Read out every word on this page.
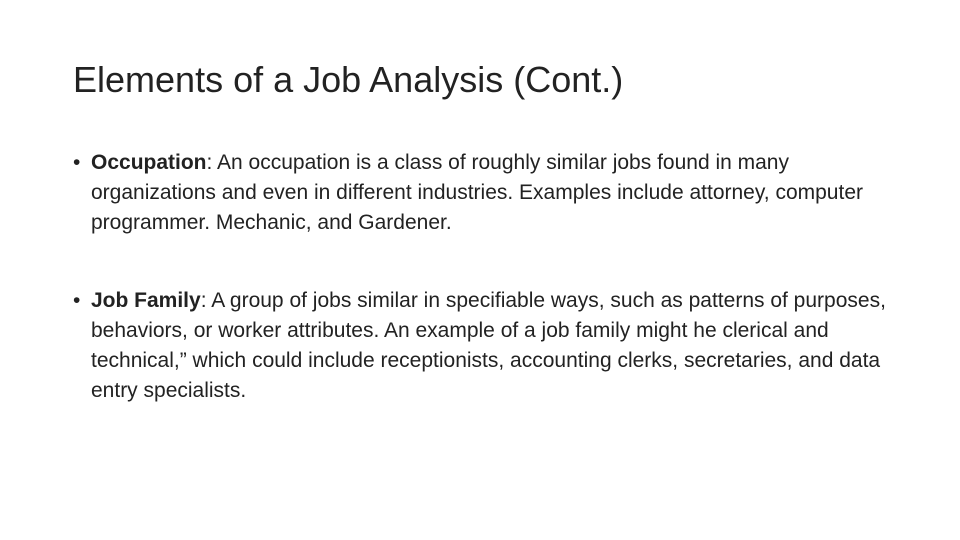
Elements of a Job Analysis (Cont.)
• Occupation: An occupation is a class of roughly similar jobs found in many organizations and even in different industries. Examples include attorney, computer programmer. Mechanic, and Gardener.
• Job Family: A group of jobs similar in specifiable ways, such as patterns of purposes, behaviors, or worker attributes. An example of a job family might he clerical and technical,” which could include receptionists, accounting clerks, secretaries, and data entry specialists.
